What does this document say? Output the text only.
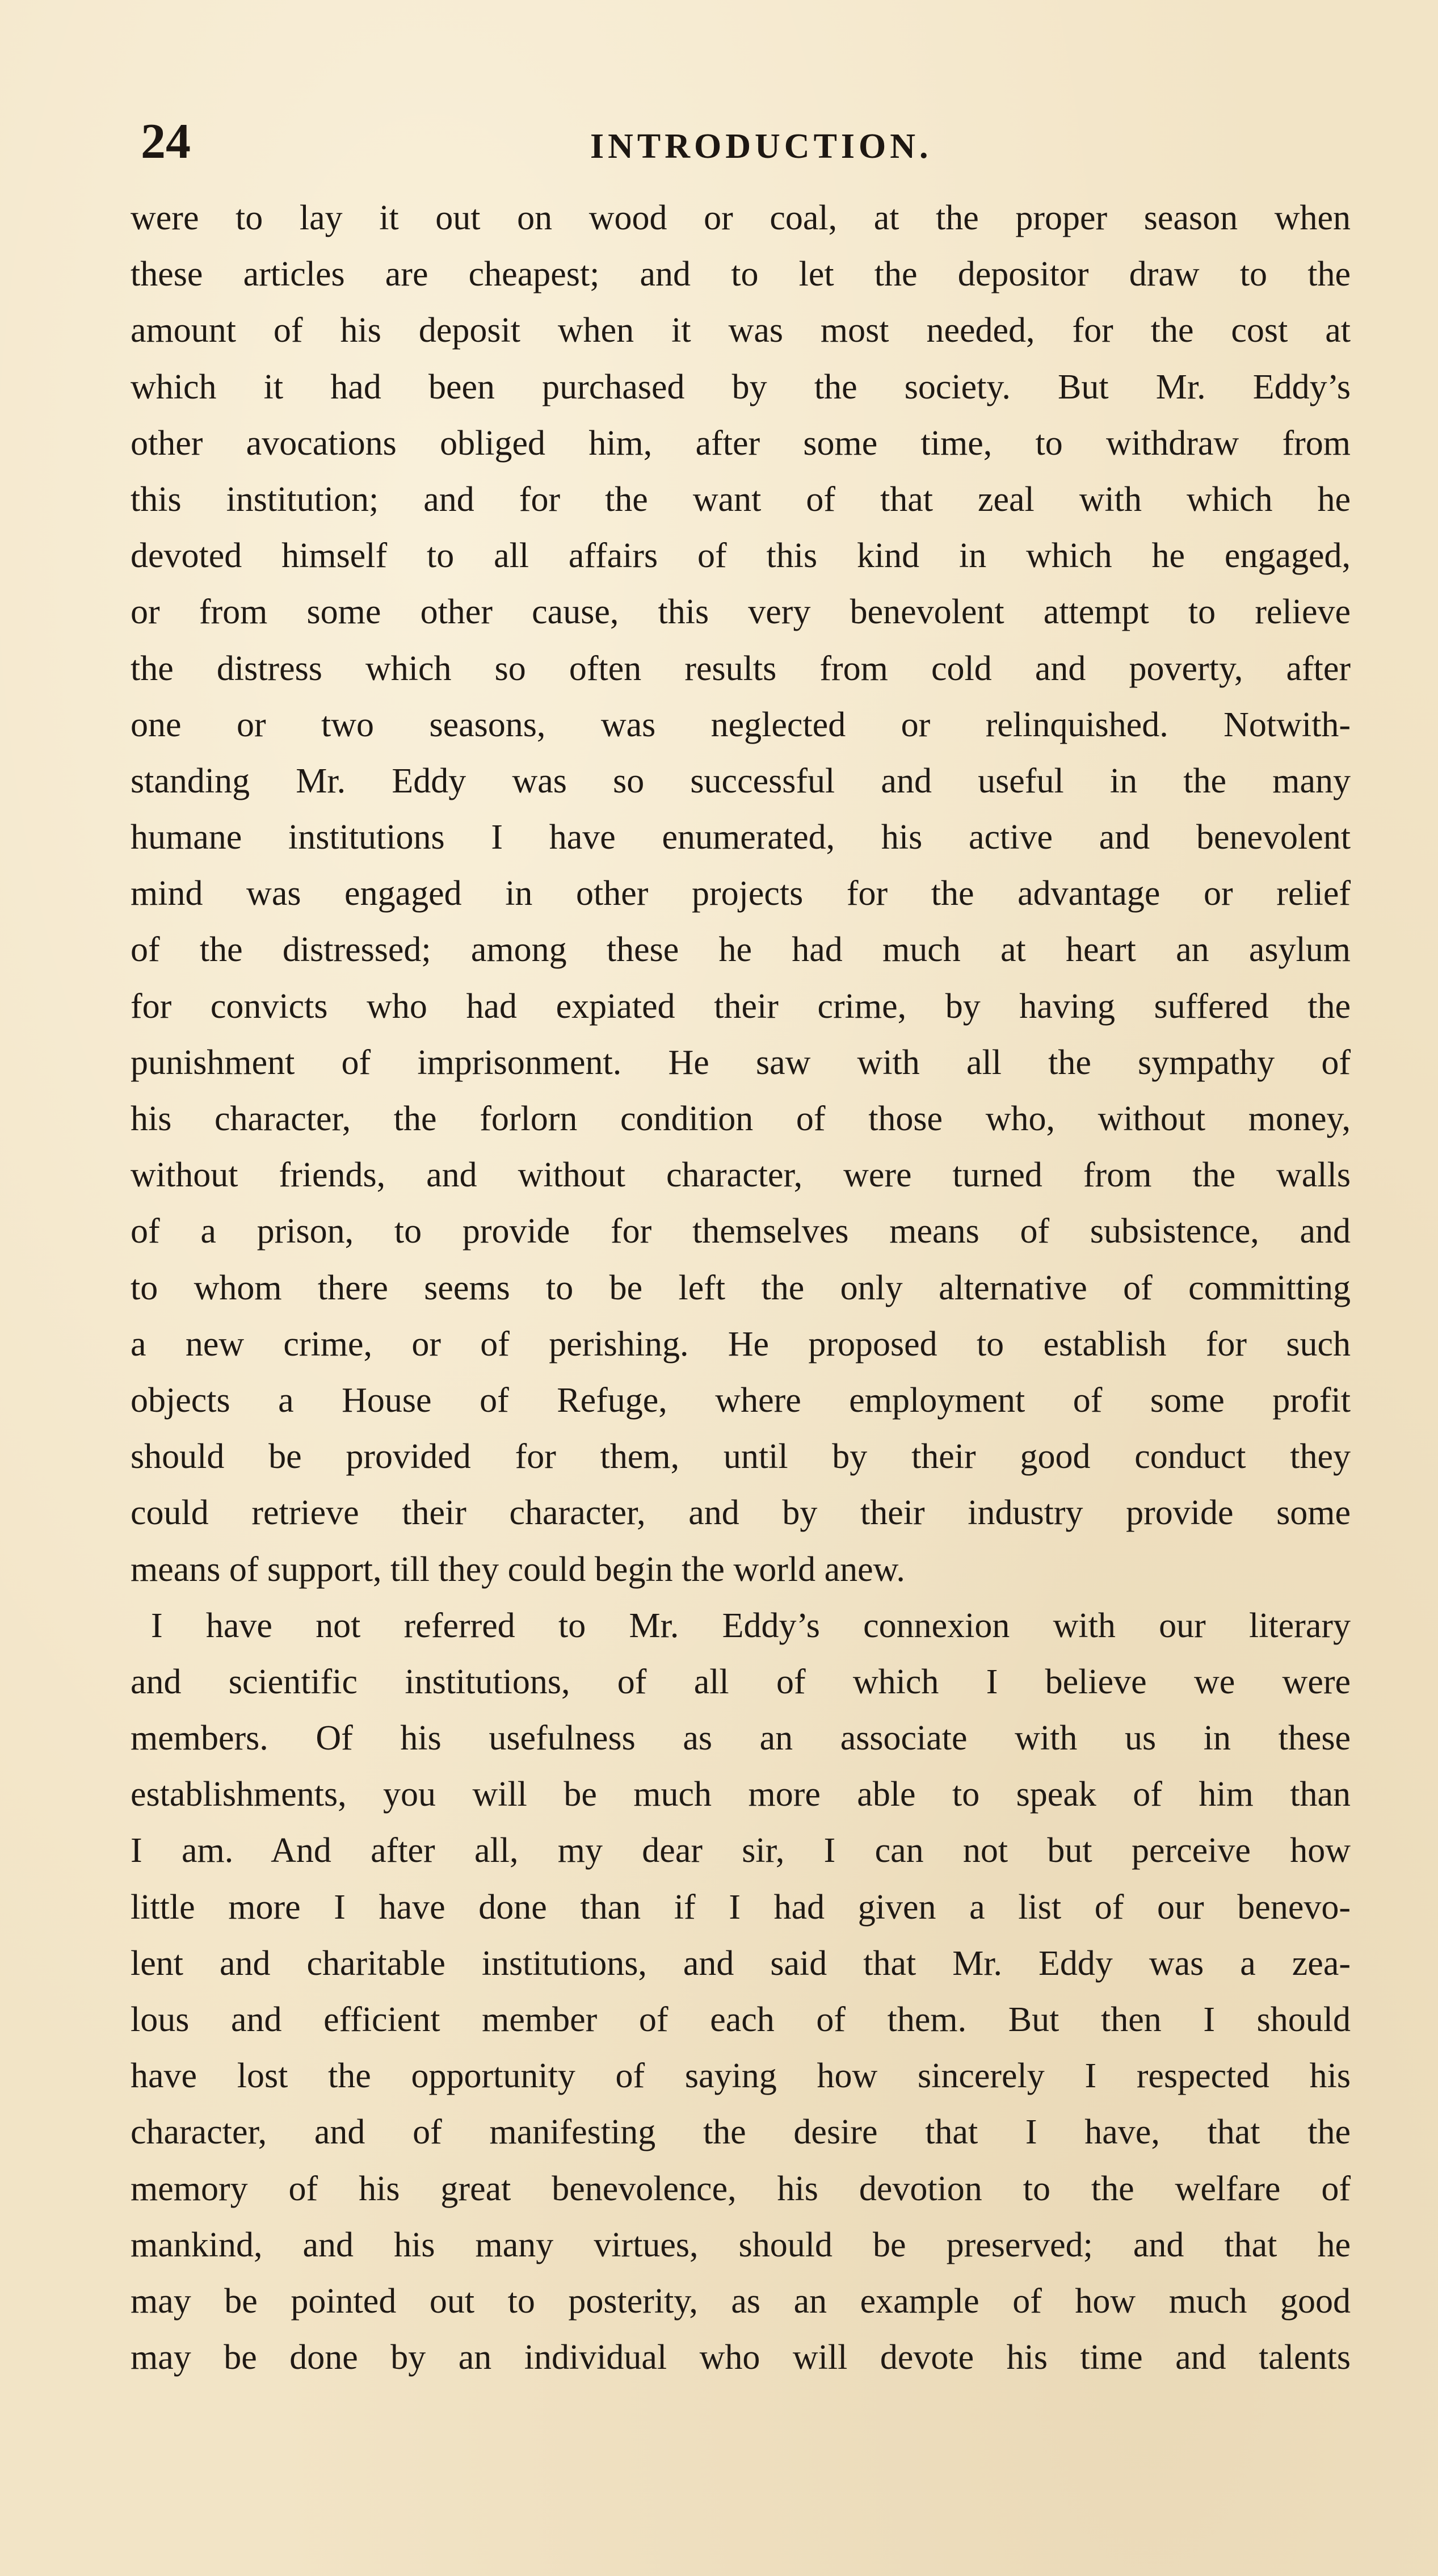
24	INTRODUCTION.
were to lay it out on wood or coal, at the proper season when
these articles are cheapest; and to let the depositor draw to the
amount of his deposit when it was most needed, for the cost at
which it had been purchased by the society. But Mr. Eddy’s
other avocations obliged him, after some time, to withdraw from
this institution; and for the want of that zeal with which he
devoted himself to all affairs of this kind in which he engaged,
or from some other cause, this very benevolent attempt to relieve
the distress which so often results from cold and poverty, after
one or two seasons, was neglected or relinquished. Notwith-
standing Mr. Eddy was so successful and useful in the many
humane institutions I have enumerated, his active and benevolent
mind was engaged in other projects for the advantage or relief
of the distressed; among these he had much at heart an asylum
for convicts who had expiated their crime, by having suffered the
punishment of imprisonment. He saw with all the sympathy of
his character, the forlorn condition of those who, without money,
without friends, and without character, were turned from the walls
of a prison, to provide for themselves means of subsistence, and
to whom there seems to be left the only alternative of committing
a new crime, or of perishing. He proposed to establish for such
objects a House of Refuge, where employment of some profit
should be provided for them, until by their good conduct they
could retrieve their character, and by their industry provide some
means of support, till they could begin the world anew.
I have not referred to Mr. Eddy’s connexion with our literary
and scientific institutions, of all of which I believe we were
members. Of his usefulness as an associate with us in these
establishments, you will be much more able to speak of him than
I am. And after all, my dear sir, I can not but perceive how
little more I have done than if I had given a list of our benevo-
lent and charitable institutions, and said that Mr. Eddy was a zea-
lous and efficient member of each of them. But then I should
have lost the opportunity of saying how sincerely I respected his
character, and of manifesting the desire that I have, that the
memory of his great benevolence, his devotion to the welfare of
mankind, and his many virtues, should be preserved; and that he
may be pointed out to posterity, as an example of how much good
may be done by an individual who will devote his time and talents
